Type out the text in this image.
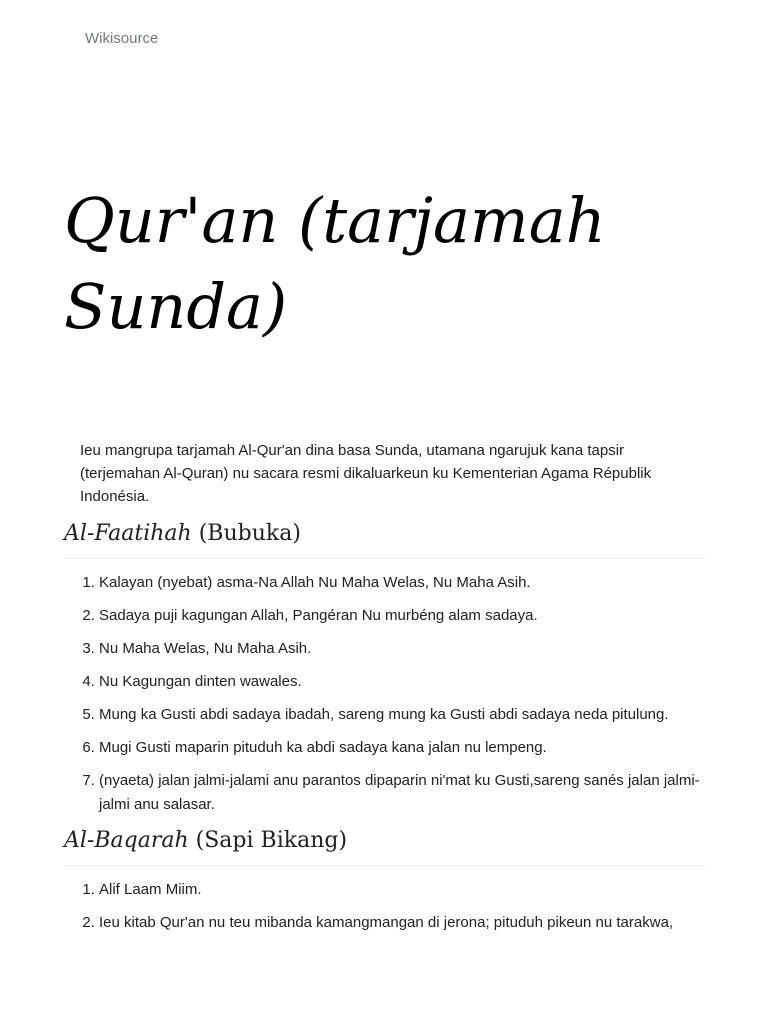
Wikisource
Qur'an (tarjamah Sunda)

Ieu mangrupa tarjamah Al-Qur'an dina basa Sunda, utamana ngarujuk kana tapsir (terjemahan Al-Quran) nu sacara resmi dikaluarkeun ku Kementerian Agama Républik Indonésia.

Al-Faatihah (Bubuka)
1. Kalayan (nyebat) asma-Na Allah Nu Maha Welas, Nu Maha Asih.
2. Sadaya puji kagungan Allah, Pangéran Nu murbéng alam sadaya.
3. Nu Maha Welas, Nu Maha Asih.
4. Nu Kagungan dinten wawales.
5. Mung ka Gusti abdi sadaya ibadah, sareng mung ka Gusti abdi sadaya neda pitulung.
6. Mugi Gusti maparin pituduh ka abdi sadaya kana jalan nu lempeng.
7. (nyaeta) jalan jalmi-jalami anu parantos dipaparin ni'mat ku Gusti,sareng sanés jalan jalmi-jalmi anu salasar.
Al-Baqarah (Sapi Bikang)
1. Alif Laam Miim.
2. Ieu kitab Qur'an nu teu mibanda kamangmangan di jerona; pituduh pikeun nu tarakwa,
